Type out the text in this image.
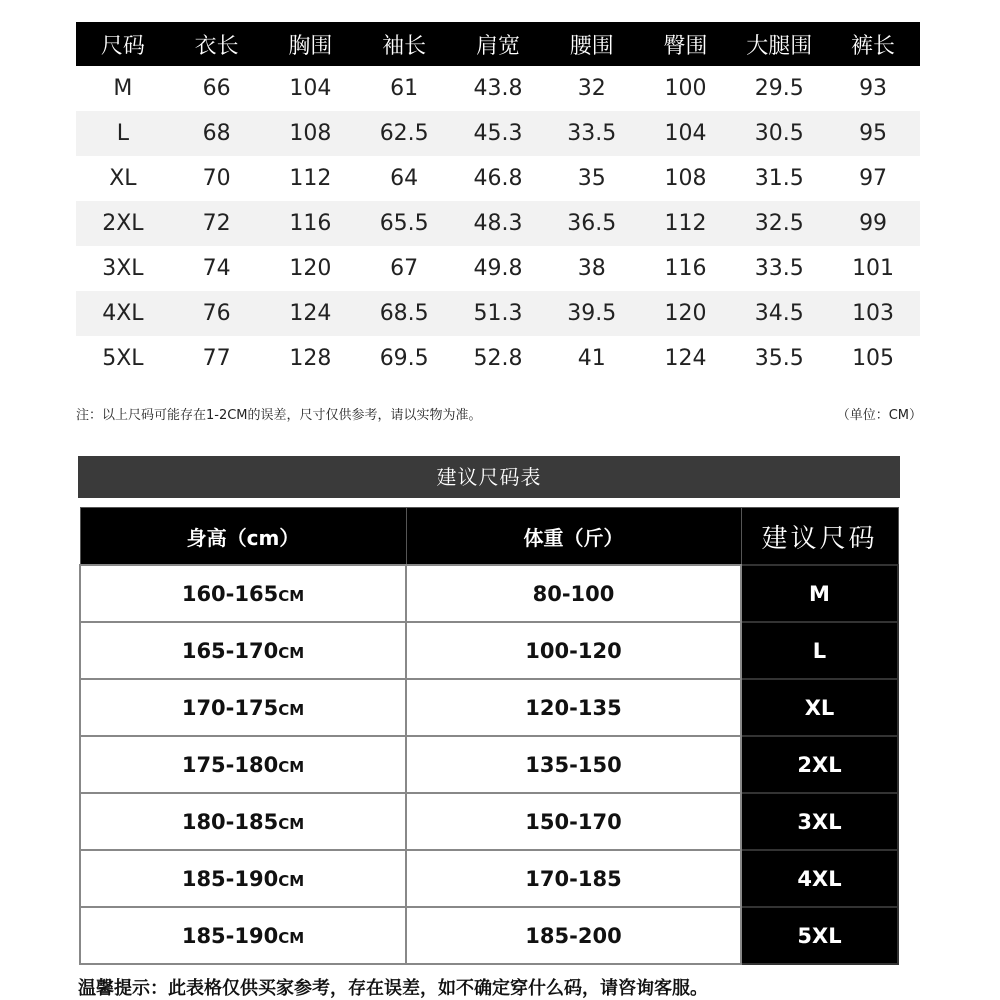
尺码	衣长	胸围	袖长	肩宽	腰围	臀围	大腿围	裤长
M	66	104	61	43.8	32	100	29.5	93
L	68	108	62.5	45.3	33.5	104	30.5	95
XL	70	112	64	46.8	35	108	31.5	97
2XL	72	116	65.5	48.3	36.5	112	32.5	99
3XL	74	120	67	49.8	38	116	33.5	101
4XL	76	124	68.5	51.3	39.5	120	34.5	103
5XL	77	128	69.5	52.8	41	124	35.5	105
注：以上尺码可能存在1-2CM的误差，尺寸仅供参考，请以实物为准。	（单位：CM）
建议尺码表
身高（cm）	体重（斤）	建议尺码
160-165CM	80-100	M
165-170CM	100-120	L
170-175CM	120-135	XL
175-180CM	135-150	2XL
180-185CM	150-170	3XL
185-190CM	170-185	4XL
185-190CM	185-200	5XL
温馨提示：此表格仅供买家参考，存在误差，如不确定穿什么码，请咨询客服。
